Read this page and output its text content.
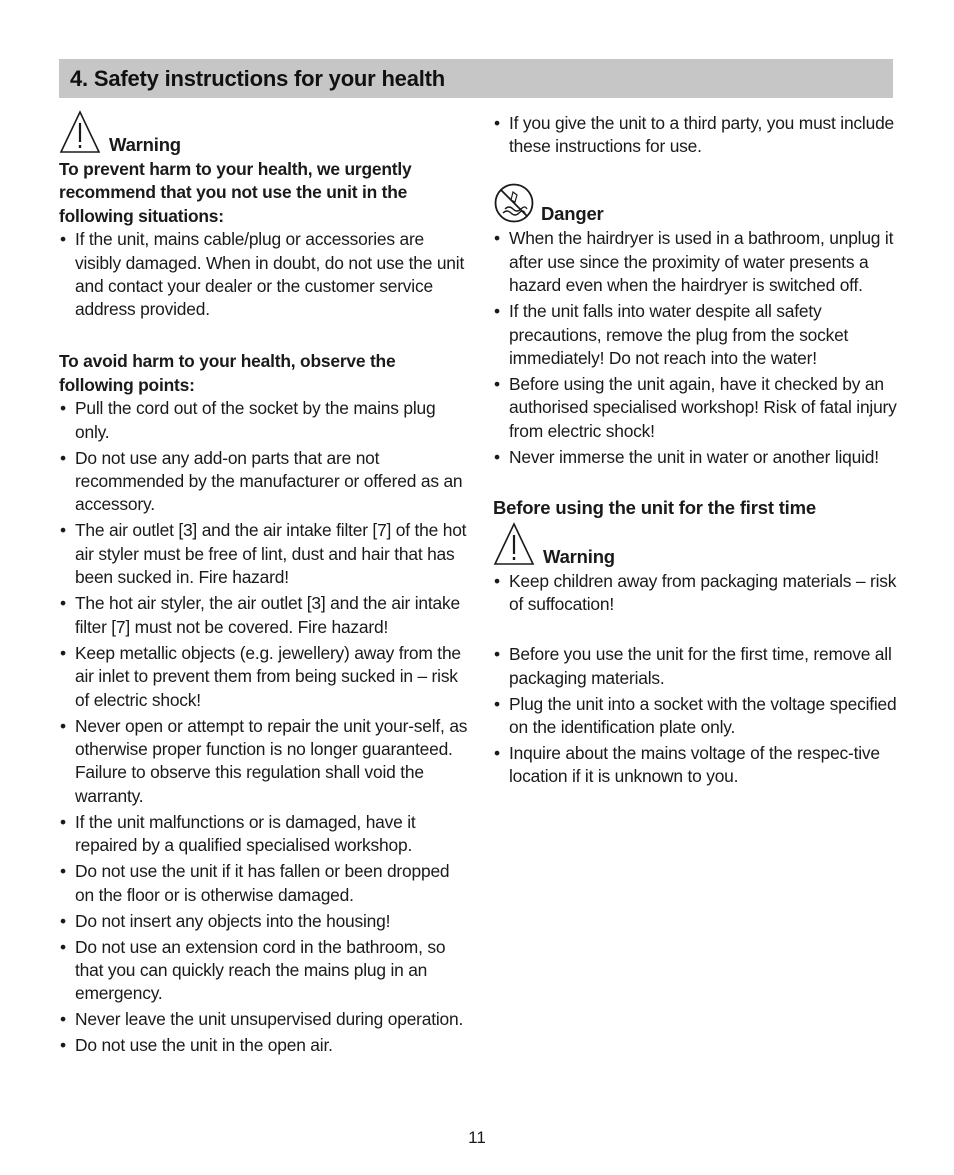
4. Safety instructions for your health
Warning

To prevent harm to your health, we urgently recommend that you not use the unit in the following situations:

• If the unit, mains cable/plug or accessories are visibly damaged. When in doubt, do not use the unit and contact your dealer or the customer service address provided.

To avoid harm to your health, observe the following points:

• Pull the cord out of the socket by the mains plug only.
• Do not use any add-on parts that are not recommended by the manufacturer or offered as an accessory.
• The air outlet [3] and the air intake filter [7] of the hot air styler must be free of lint, dust and hair that has been sucked in. Fire hazard!
• The hot air styler, the air outlet [3] and the air intake filter [7] must not be covered. Fire hazard!
• Keep metallic objects (e.g. jewellery) away from the air inlet to prevent them from being sucked in – risk of electric shock!
• Never open or attempt to repair the unit your-self, as otherwise proper function is no longer guaranteed. Failure to observe this regulation shall void the warranty.
• If the unit malfunctions or is damaged, have it repaired by a qualified specialised workshop.
• Do not use the unit if it has fallen or been dropped on the floor or is otherwise damaged.
• Do not insert any objects into the housing!
• Do not use an extension cord in the bathroom, so that you can quickly reach the mains plug in an emergency.
• Never leave the unit unsupervised during operation.
• Do not use the unit in the open air.
• If you give the unit to a third party, you must include these instructions for use.
Danger
• When the hairdryer is used in a bathroom, unplug it after use since the proximity of water presents a hazard even when the hairdryer is switched off.
• If the unit falls into water despite all safety precautions, remove the plug from the socket immediately! Do not reach into the water!
• Before using the unit again, have it checked by an authorised specialised workshop! Risk of fatal injury from electric shock!
• Never immerse the unit in water or another liquid!

Before using the unit for the first time

Warning
• Keep children away from packaging materials – risk of suffocation!
• Before you use the unit for the first time, remove all packaging materials.
• Plug the unit into a socket with the voltage specified on the identification plate only.
• Inquire about the mains voltage of the respec-tive location if it is unknown to you.
11
